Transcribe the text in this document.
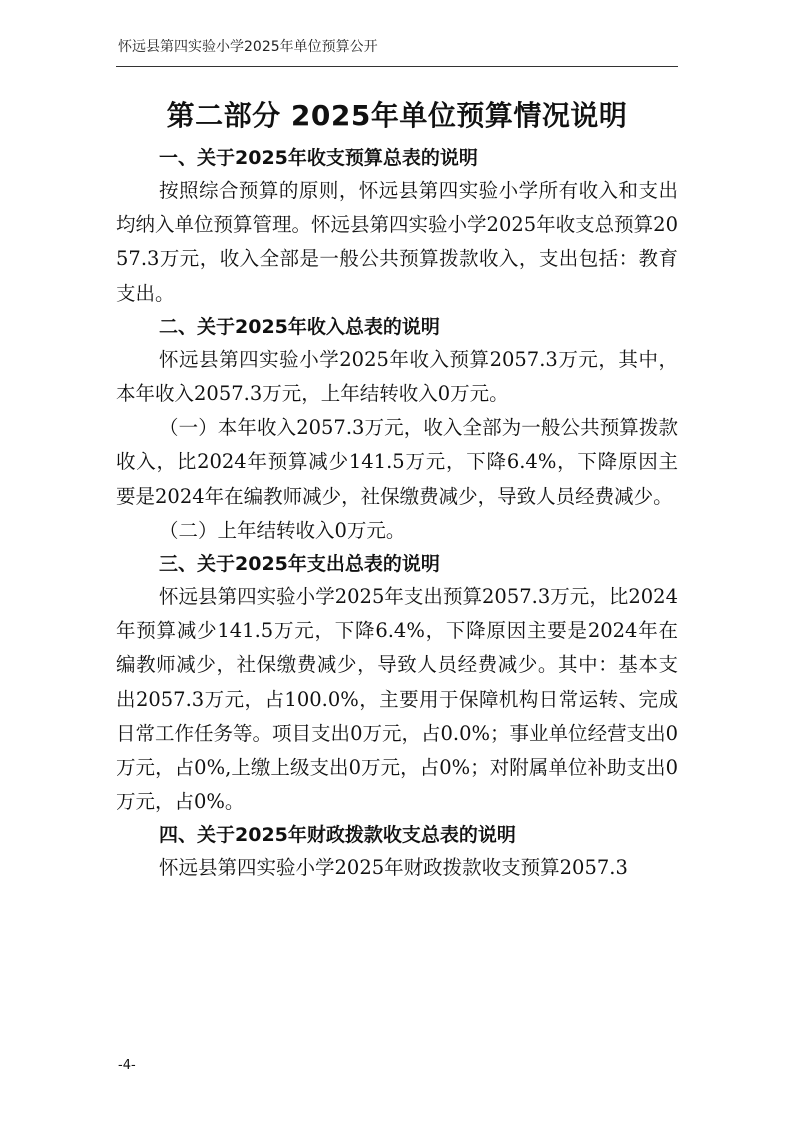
怀远县第四实验小学2025年单位预算公开
第二部分 2025年单位预算情况说明

一、关于2025年收支预算总表的说明

按照综合预算的原则，怀远县第四实验小学所有收入和支出均纳入单位预算管理。怀远县第四实验小学2025年收支总预算2057.3万元，收入全部是一般公共预算拨款收入，支出包括：教育支出。

二、关于2025年收入总表的说明

怀远县第四实验小学2025年收入预算2057.3万元，其中，本年收入2057.3万元，上年结转收入0万元。

（一）本年收入2057.3万元，收入全部为一般公共预算拨款收入，比2024年预算减少141.5万元，下降6.4%，下降原因主要是2024年在编教师减少，社保缴费减少，导致人员经费减少。

（二）上年结转收入0万元。

三、关于2025年支出总表的说明

怀远县第四实验小学2025年支出预算2057.3万元，比2024年预算减少141.5万元，下降6.4%，下降原因主要是2024年在编教师减少，社保缴费减少，导致人员经费减少。其中：基本支出2057.3万元，占100.0%，主要用于保障机构日常运转、完成日常工作任务等。项目支出0万元，占0.0%；事业单位经营支出0万元，占0%,上缴上级支出0万元，占0%；对附属单位补助支出0万元，占0%。

四、关于2025年财政拨款收支总表的说明

怀远县第四实验小学2025年财政拨款收支预算2057.3

-4-
